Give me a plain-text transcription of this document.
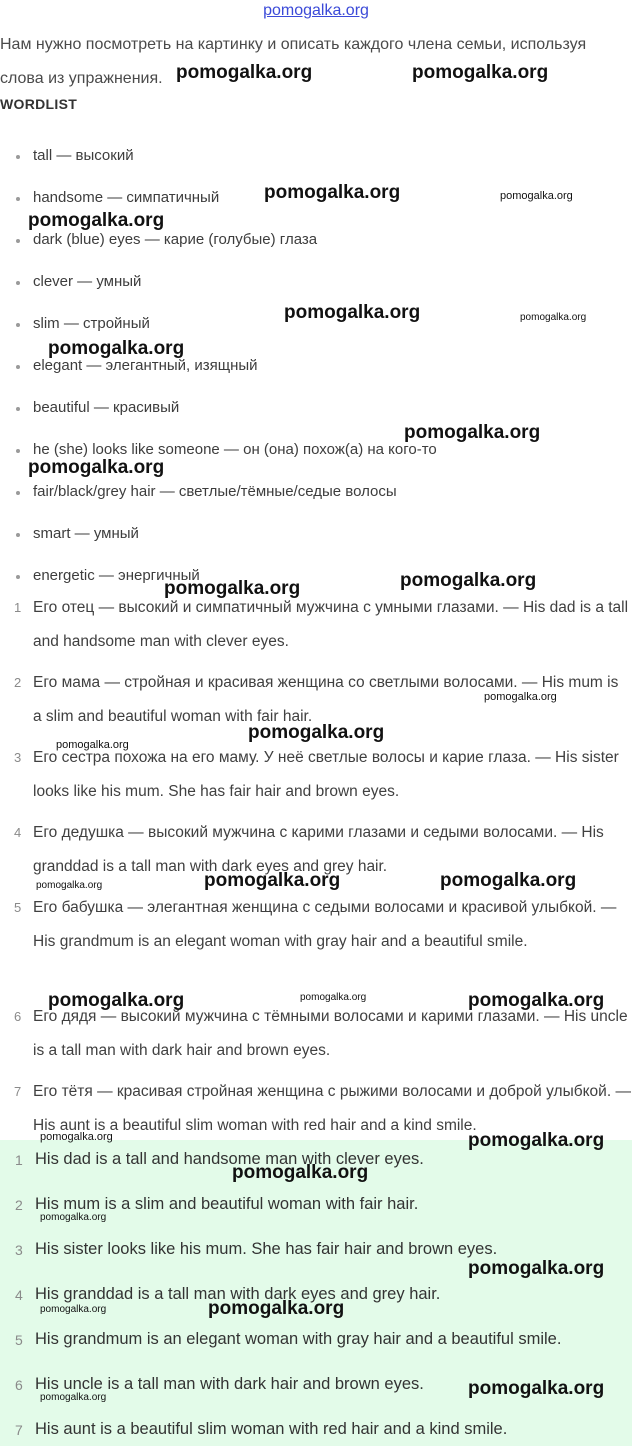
pomogalka.org
Нам нужно посмотреть на картинку и описать каждого члена семьи, используя слова из упражнения.
WORDLIST
tall — высокий
handsome — симпатичный
dark (blue) eyes — карие (голубые) глаза
clever — умный
slim — стройный
elegant — элегантный, изящный
beautiful — красивый
he (she) looks like someone — он (она) похож(а) на кого-то
fair/black/grey hair — светлые/тёмные/седые волосы
smart — умный
energetic — энергичный
1 Его отец — высокий и симпатичный мужчина с умными глазами. — His dad is a tall and handsome man with clever eyes.
2 Его мама — стройная и красивая женщина со светлыми волосами. — His mum is a slim and beautiful woman with fair hair.
3 Его сестра похожа на его маму. У неё светлые волосы и карие глаза. — His sister looks like his mum. She has fair hair and brown eyes.
4 Его дедушка — высокий мужчина с карими глазами и седыми волосами. — His granddad is a tall man with dark eyes and grey hair.
5 Его бабушка — элегантная женщина с седыми волосами и красивой улыбкой. — His grandmum is an elegant woman with gray hair and a beautiful smile.
6 Его дядя — высокий мужчина с тёмными волосами и карими глазами. — His uncle is a tall man with dark hair and brown eyes.
7 Его тётя — красивая стройная женщина с рыжими волосами и доброй улыбкой. — His aunt is a beautiful slim woman with red hair and a kind smile.
1 His dad is a tall and handsome man with clever eyes.
2 His mum is a slim and beautiful woman with fair hair.
3 His sister looks like his mum. She has fair hair and brown eyes.
4 His granddad is a tall man with dark eyes and grey hair.
5 His grandmum is an elegant woman with gray hair and a beautiful smile.
6 His uncle is a tall man with dark hair and brown eyes.
7 His aunt is a beautiful slim woman with red hair and a kind smile.
pomogalka.org	pomogalka.org
pomogalka.org	pomogalka.org
pomogalka.org
pomogalka.org	pomogalka.org
pomogalka.org
pomogalka.org
pomogalka.org
pomogalka.org	pomogalka.org
pomogalka.org
pomogalka.org
pomogalka.org
pomogalka.org	pomogalka.org	pomogalka.org
pomogalka.org	pomogalka.org	pomogalka.org
pomogalka.org	pomogalka.org
pomogalka.org
pomogalka.org
pomogalka.org
pomogalka.org	pomogalka.org
pomogalka.org
pomogalka.org
